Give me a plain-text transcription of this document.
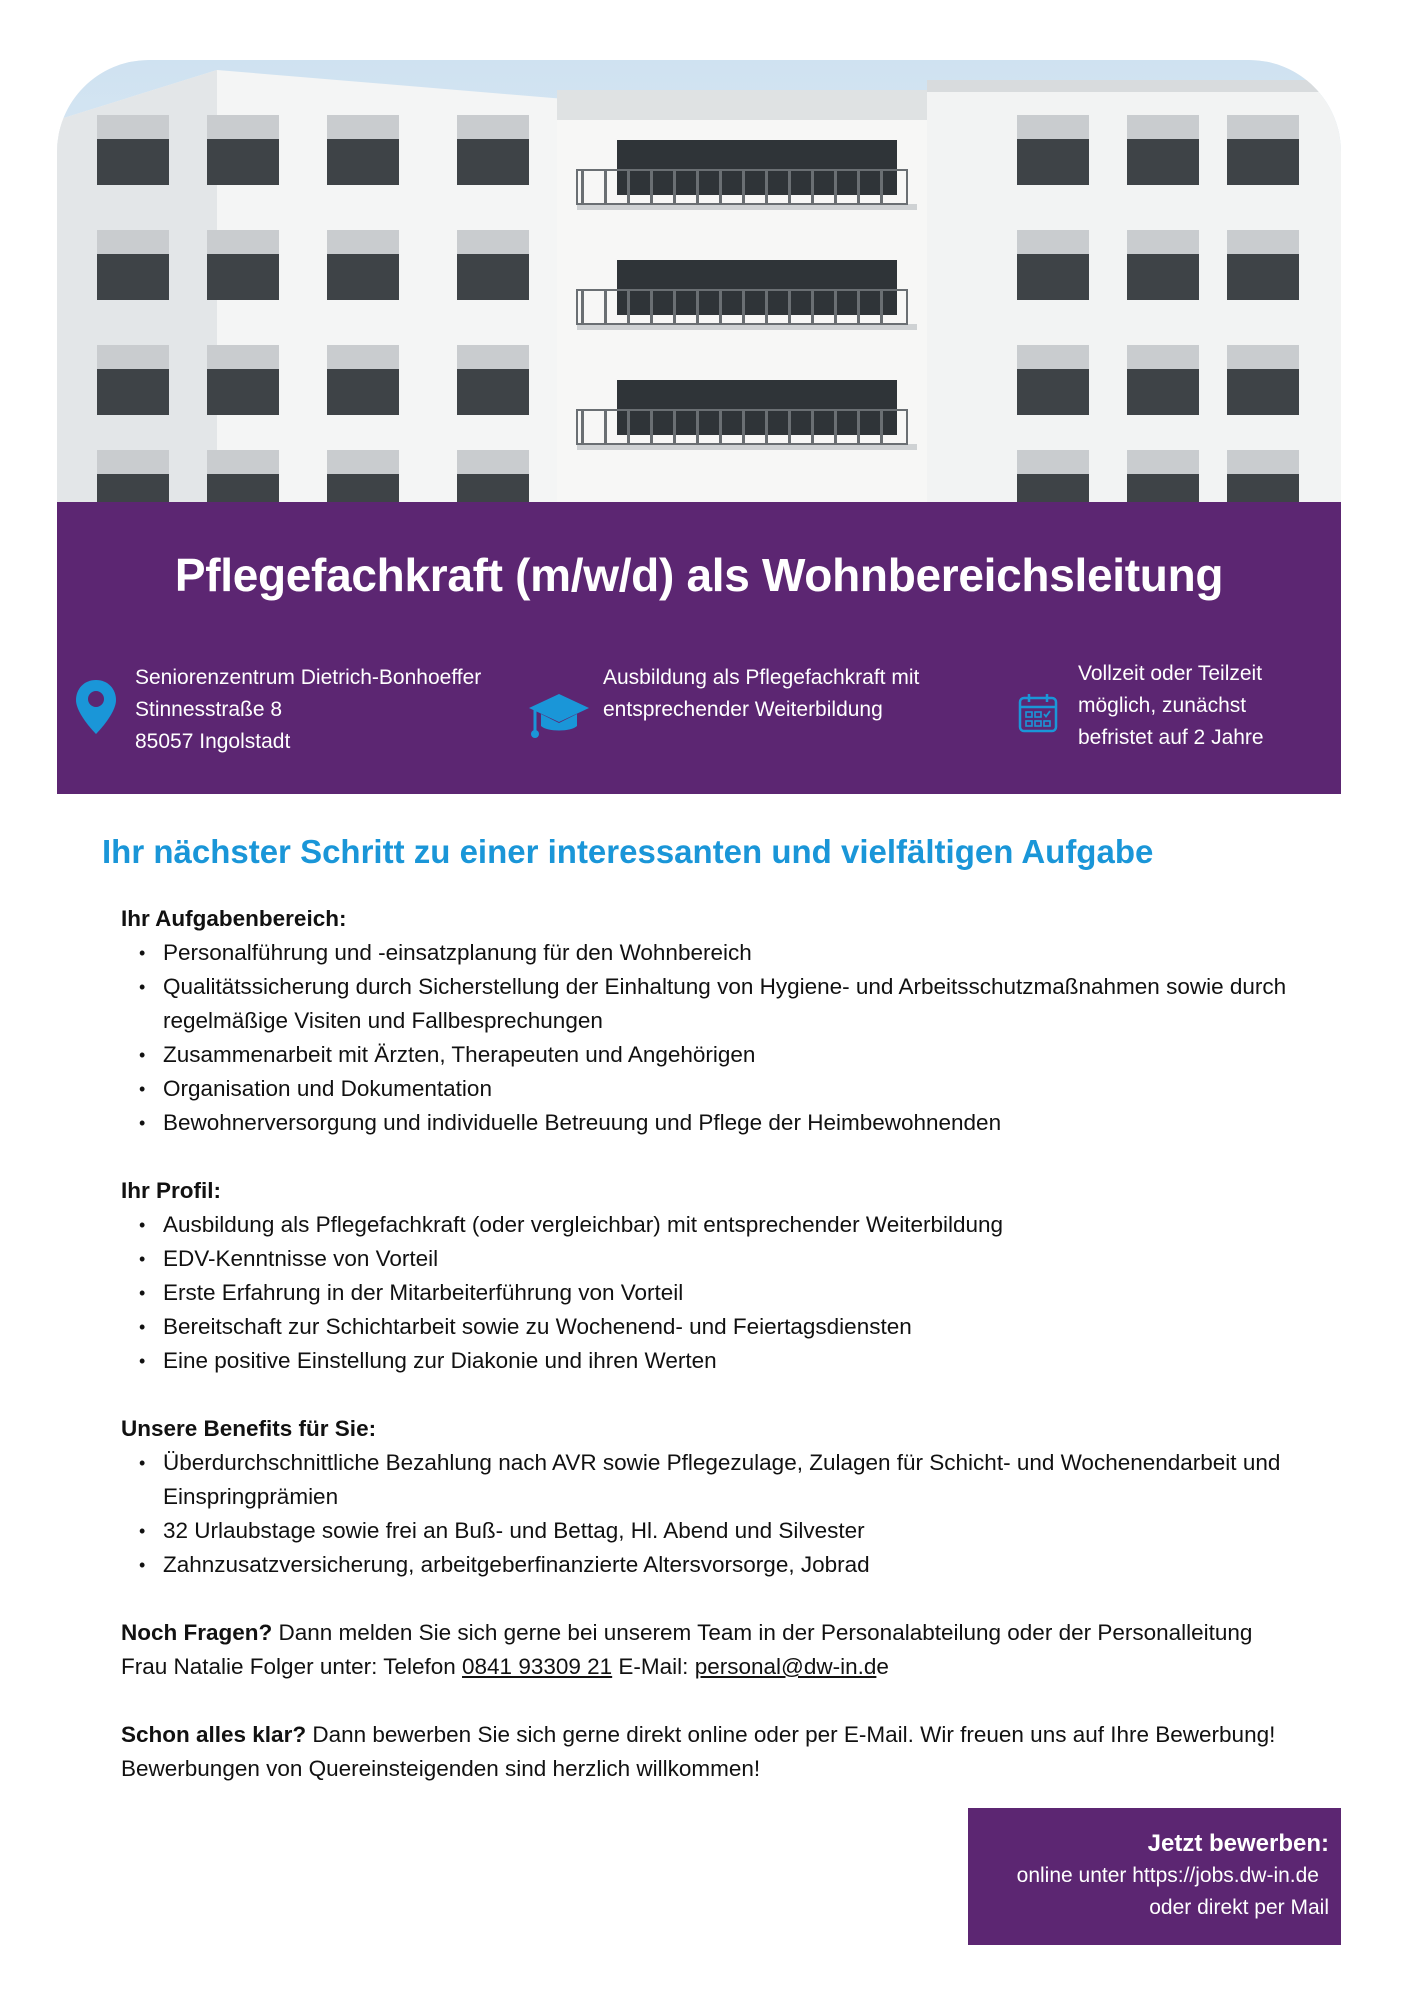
Pflegefachkraft (m/w/d) als Wohnbereichsleitung
Seniorenzentrum Dietrich-Bonhoeffer
Stinnesstraße 8
85057 Ingolstadt
Ausbildung als Pflegefachkraft mit
entsprechender Weiterbildung
Vollzeit oder Teilzeit
möglich, zunächst
befristet auf 2 Jahre
Ihr nächster Schritt zu einer interessanten und vielfältigen Aufgabe
Ihr Aufgabenbereich:
• Personalführung und -einsatzplanung für den Wohnbereich
• Qualitätssicherung durch Sicherstellung der Einhaltung von Hygiene- und Arbeitsschutzmaßnahmen sowie durch regelmäßige Visiten und Fallbesprechungen
• Zusammenarbeit mit Ärzten, Therapeuten und Angehörigen
• Organisation und Dokumentation
• Bewohnerversorgung und individuelle Betreuung und Pflege der Heimbewohnenden
Ihr Profil:
• Ausbildung als Pflegefachkraft (oder vergleichbar) mit entsprechender Weiterbildung
• EDV-Kenntnisse von Vorteil
• Erste Erfahrung in der Mitarbeiterführung von Vorteil
• Bereitschaft zur Schichtarbeit sowie zu Wochenend- und Feiertagsdiensten
• Eine positive Einstellung zur Diakonie und ihren Werten
Unsere Benefits für Sie:
• Überdurchschnittliche Bezahlung nach AVR sowie Pflegezulage, Zulagen für Schicht- und Wochenendarbeit und Einspringprämien
• 32 Urlaubstage sowie frei an Buß- und Bettag, Hl. Abend und Silvester
• Zahnzusatzversicherung, arbeitgeberfinanzierte Altersvorsorge, Jobrad

Noch Fragen? Dann melden Sie sich gerne bei unserem Team in der Personalabteilung oder der Personalleitung Frau Natalie Folger unter: Telefon 0841 93309 21 E-Mail: personal@dw-in.de

Schon alles klar? Dann bewerben Sie sich gerne direkt online oder per E-Mail. Wir freuen uns auf Ihre Bewerbung! Bewerbungen von Quereinsteigenden sind herzlich willkommen!

Jetzt bewerben:
online unter https://jobs.dw-in.de
oder direkt per Mail
